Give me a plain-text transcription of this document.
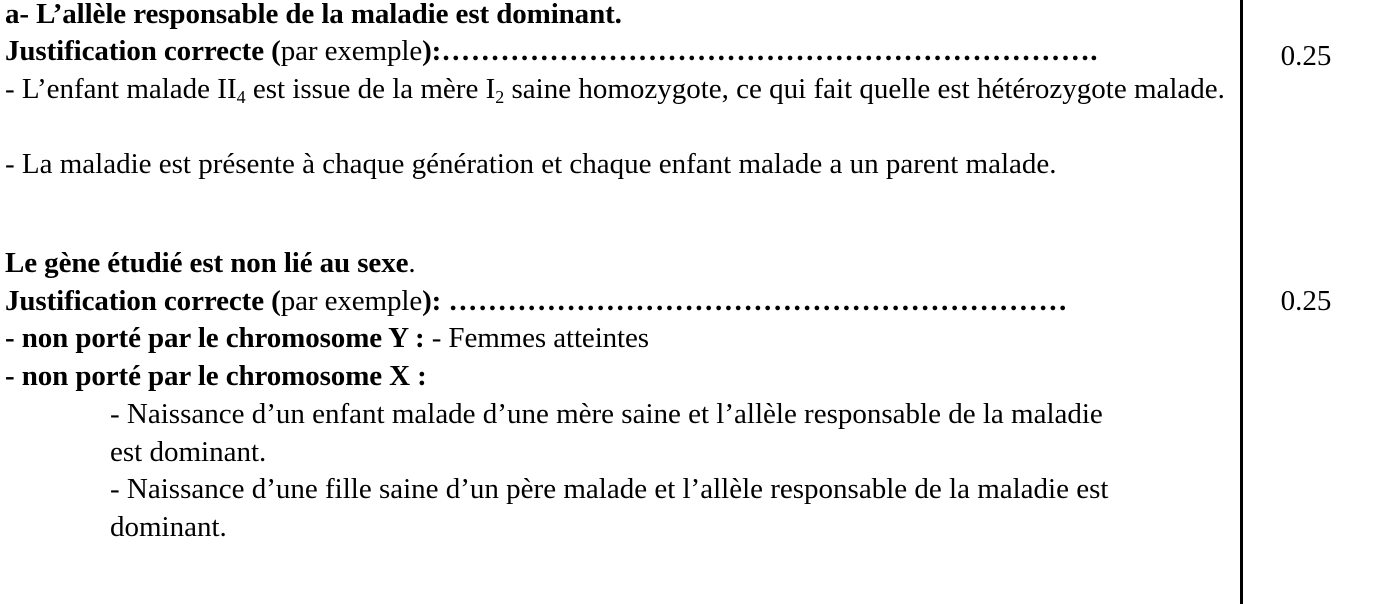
a- L’allèle responsable de la maladie est dominant.
Justification correcte (par exemple):………………………………………………………….
- L’enfant malade $II_4$ est issue de la mère $I_2$ saine homozygote, ce qui fait quelle est hétérozygote malade.
- La maladie est présente à chaque génération et chaque enfant malade a un parent malade.
Le gène étudié est non lié au sexe.
Justification correcte (par exemple): ………………………………………………………
- non porté par le chromosome Y : - Femmes atteintes
- non porté par le chromosome X :
- Naissance d’un enfant malade d’une mère saine et l’allèle responsable de la maladie est dominant.
- Naissance d’une fille saine d’un père malade et l’allèle responsable de la maladie est dominant.
0.25
0.25
